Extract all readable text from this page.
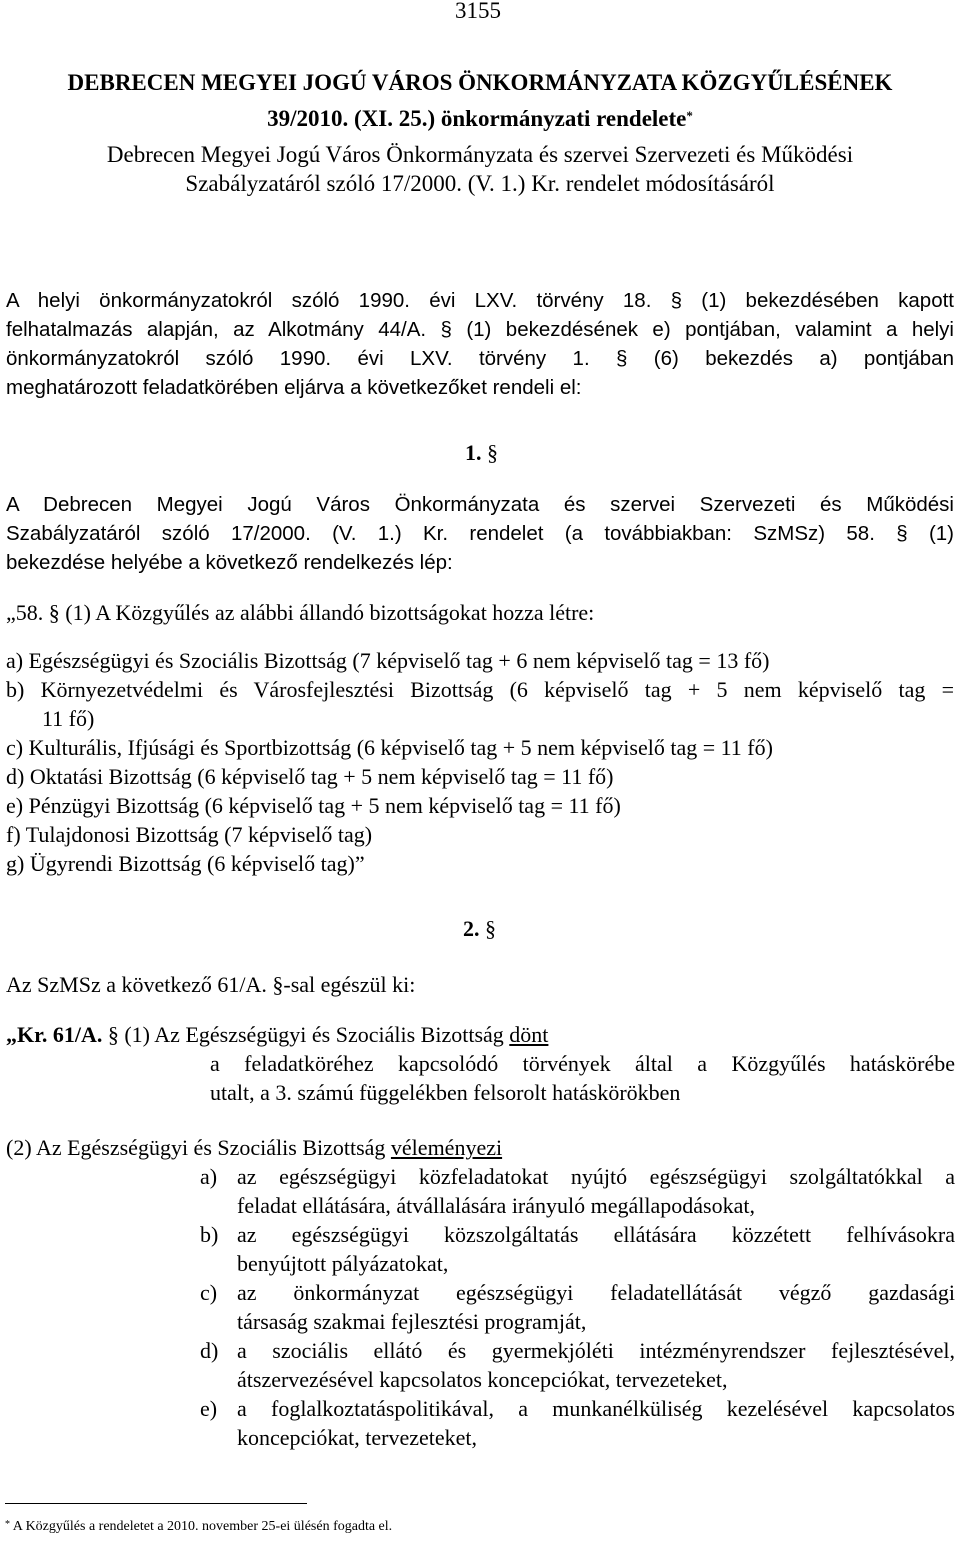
3155
DEBRECEN MEGYEI JOGÚ VÁROS ÖNKORMÁNYZATA KÖZGYŰLÉSÉNEK
39/2010. (XI. 25.) önkormányzati rendelete*
Debrecen Megyei Jogú Város Önkormányzata és szervei Szervezeti és Működési
Szabályzatáról szóló 17/2000. (V. 1.) Kr. rendelet módosításáról
A helyi önkormányzatokról szóló 1990. évi LXV. törvény 18. § (1) bekezdésében kapott
felhatalmazás alapján, az Alkotmány 44/A. § (1) bekezdésének e) pontjában, valamint a helyi
önkormányzatokról szóló 1990. évi LXV. törvény 1. § (6) bekezdés a) pontjában
meghatározott feladatkörében eljárva a következőket rendeli el:
1. §
A Debrecen Megyei Jogú Város Önkormányzata és szervei Szervezeti és Működési
Szabályzatáról szóló 17/2000. (V. 1.) Kr. rendelet (a továbbiakban: SzMSz) 58. § (1)
bekezdése helyébe a következő rendelkezés lép:
„58. § (1) A Közgyűlés az alábbi állandó bizottságokat hozza létre:
a) Egészségügyi és Szociális Bizottság (7 képviselő tag + 6 nem képviselő tag = 13 fő)
b) Környezetvédelmi és Városfejlesztési Bizottság (6 képviselő tag + 5 nem képviselő tag =
11 fő)
c) Kulturális, Ifjúsági és Sportbizottság (6 képviselő tag + 5 nem képviselő tag = 11 fő)
d) Oktatási Bizottság (6 képviselő tag + 5 nem képviselő tag = 11 fő)
e) Pénzügyi Bizottság (6 képviselő tag + 5 nem képviselő tag = 11 fő)
f) Tulajdonosi Bizottság (7 képviselő tag)
g) Ügyrendi Bizottság (6 képviselő tag)”
2. §
Az SzMSz a következő 61/A. §-sal egészül ki:
„Kr. 61/A. § (1) Az Egészségügyi és Szociális Bizottság dönt
a feladatköréhez kapcsolódó törvények által a Közgyűlés hatáskörébe
utalt, a 3. számú függelékben felsorolt hatáskörökben
(2) Az Egészségügyi és Szociális Bizottság véleményezi
a) az egészségügyi közfeladatokat nyújtó egészségügyi szolgáltatókkal a
feladat ellátására, átvállalására irányuló megállapodásokat,
b) az egészségügyi közszolgáltatás ellátására közzétett felhívásokra
benyújtott pályázatokat,
c) az önkormányzat egészségügyi feladatellátását végző gazdasági
társaság szakmai fejlesztési programját,
d) a szociális ellátó és gyermekjóléti intézményrendszer fejlesztésével,
átszervezésével kapcsolatos koncepciókat, tervezeteket,
e) a foglalkoztatáspolitikával, a munkanélküliség kezelésével kapcsolatos
koncepciókat, tervezeteket,
* A Közgyűlés a rendeletet a 2010. november 25-ei ülésén fogadta el.
